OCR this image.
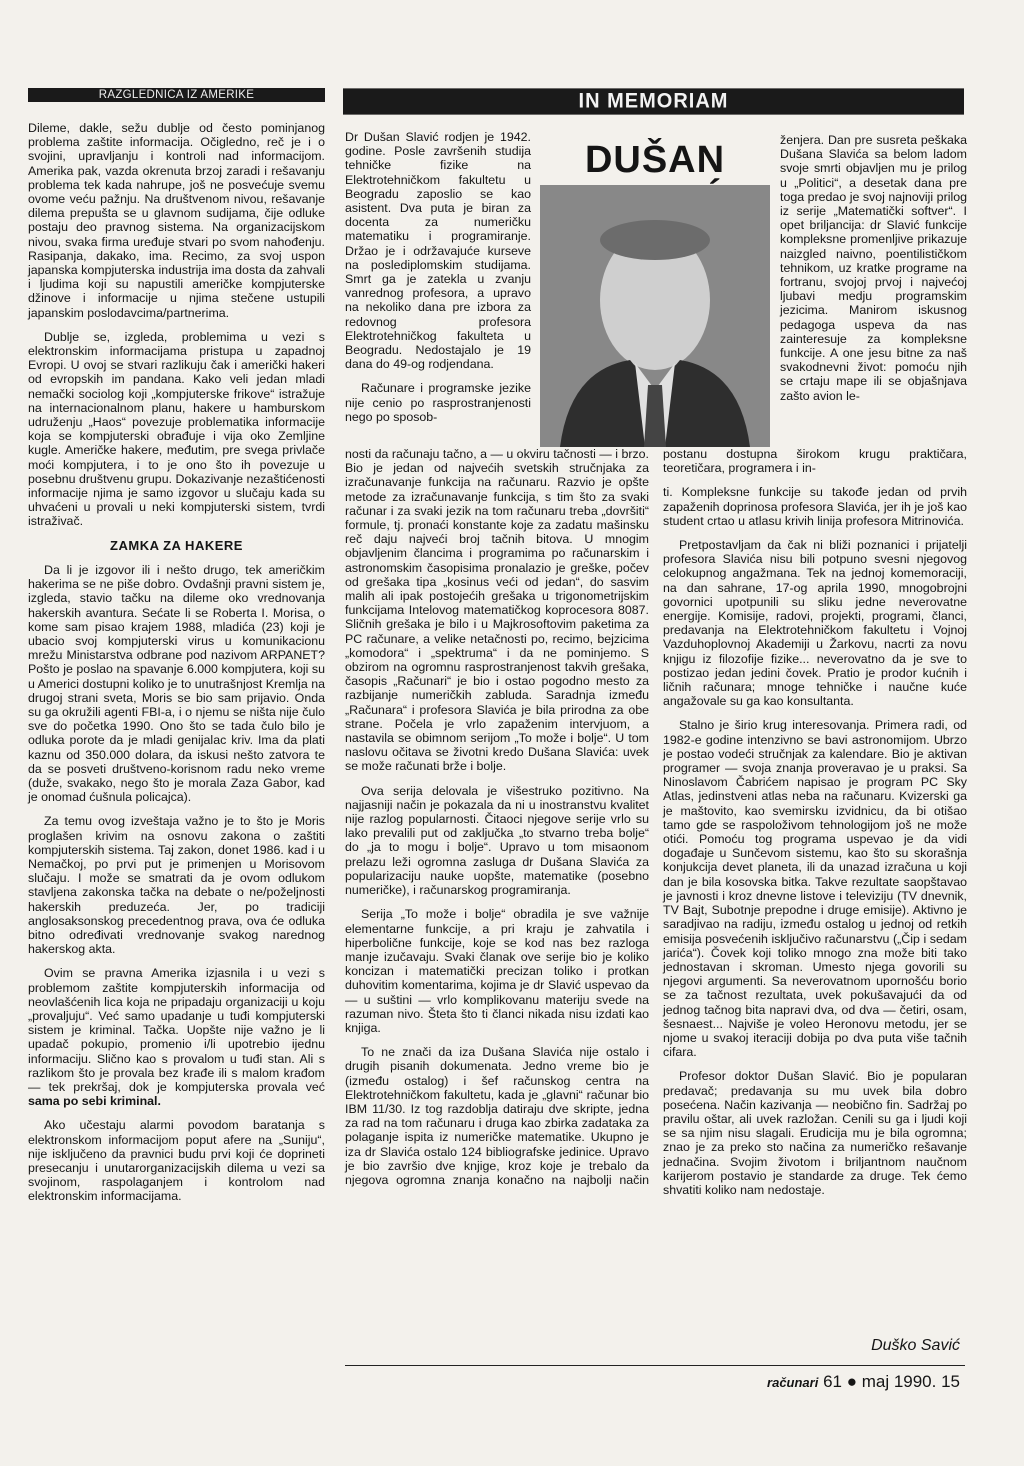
RAZGLEDNICA IZ AMERIKE	IN MEMORIAM

Dileme, dakle, sežu dublje od često pominjanog problema zaštite informacija. Očigledno, reč je i o svojini, upravljanju i kontroli nad informacijom. Amerika pak, vazda okrenuta brzoj zaradi i rešavanju problema tek kada nahrupe, još ne posvećuje svemu ovome veću pažnju. Na društvenom nivou, rešavanje dilema prepušta se u glavnom sudijama, čije odluke postaju deo pravnog sistema. Na organizacijskom nivou, svaka firma uređuje stvari po svom nahođenju. Rasipanja, dakako, ima. Recimo, za svoj uspon japanska kompjuterska industrija ima dosta da zahvali i ljudima koji su napustili američke kompjuterske džinove i informacije u njima stečene ustupili japanskim poslodavcima/partnerima.

Dublje se, izgleda, problemima u vezi s elektronskim informacijama pristupa u zapadnoj Evropi. U ovoj se stvari razlikuju čak i američki hakeri od evropskih im pandana. Kako veli jedan mladi nemački sociolog koji „kompjuterske frikove“ istražuje na internacionalnom planu, hakere u hamburskom udruženju „Haos“ povezuje problematika informacije koja se kompjuterski obrađuje i vija oko Zemljine kugle. Američke hakere, međutim, pre svega privlače moći kompjutera, i to je ono što ih povezuje u posebnu društvenu grupu. Dokazivanje nezaštićenosti informacije njima je samo izgovor u slučaju kada su uhvaćeni u provali u neki kompjuterski sistem, tvrdi istraživač.

ZAMKA ZA HAKERE

Da li je izgovor ili i nešto drugo, tek američkim hakerima se ne piše dobro. Ovdašnji pravni sistem je, izgleda, stavio tačku na dileme oko vrednovanja hakerskih avantura. Sećate li se Roberta I. Morisa, o kome sam pisao krajem 1988, mladića (23) koji je ubacio svoj kompjuterski virus u komunikacionu mrežu Ministarstva odbrane pod nazivom ARPANET? Pošto je poslao na spavanje 6.000 kompjutera, koji su u Americi dostupni koliko je to unutrašnjost Kremlja na drugoj strani sveta, Moris se bio sam prijavio. Onda su ga okružili agenti FBI-a, i o njemu se ništa nije čulo sve do početka 1990. Ono što se tada čulo bilo je odluka porote da je mladi genijalac kriv. Ima da plati kaznu od 350.000 dolara, da iskusi nešto zatvora te da se posveti društveno-korisnom radu neko vreme (duže, svakako, nego što je morala Zaza Gabor, kad je onomad ćušnula policajca).

Za temu ovog izveštaja važno je to što je Moris proglašen krivim na osnovu zakona o zaštiti kompjuterskih sistema. Taj zakon, donet 1986. kad i u Nemačkoj, po prvi put je primenjen u Morisovom slučaju. I može se smatrati da je ovom odlukom stavljena zakonska tačka na debate o ne/poželjnosti hakerskih preduzeća. Jer, po tradiciji anglosaksonskog precedentnog prava, ova će odluka bitno određivati vrednovanje svakog narednog hakerskog akta.

Ovim se pravna Amerika izjasnila i u vezi s problemom zaštite kompjuterskih informacija od neovlašćenih lica koja ne pripadaju organizaciji u koju „provaljuju“. Već samo upadanje u tuđi kompjuterski sistem je kriminal. Tačka. Uopšte nije važno je li upadač pokupio, promenio i/li upotrebio ijednu informaciju. Slično kao s provalom u tuđi stan. Ali s razlikom što je provala bez krađe ili s malom krađom — tek prekršaj, dok je kompjuterska provala već sama po sebi kriminal.

Ako učestaju alarmi povodom baratanja s elektronskom informacijom poput afere na „Suniju“, nije isključeno da pravnici budu prvi koji će doprineti presecanju i unutarorganizacijskih dilema u vezi sa svojinom, raspolaganjem i kontrolom nad elektronskim informacijama.

DUŠAN

Dr Dušan Slavić rodjen je 1942. godine. Posle završenih studija tehničke fizike na Elektrotehničkom fakultetu u Beogradu zaposlio se kao asistent. Dva puta je biran za docenta za numeričku matematiku i programiranje. Držao je i održavajuće kurseve na poslediplomskim studijama. Smrt ga je zatekla u zvanju vanrednog profesora, a upravo na nekoliko dana pre izbora za redovnog profesora Elektrotehničkog fakulteta u Beogradu. Nedostajalo je 19 dana do 49-og rodjendana.

Računare i programske jezike nije cenio po rasprostranjenosti nego po sposob-

ženjera. Dan pre susreta peškaka Dušana Slavića sa belom ladom svoje smrti objavljen mu je prilog u „Politici“, a desetak dana pre toga predao je svoj najnoviji prilog iz serije „Matematički softver“. I opet briljancija: dr Slavić funkcije kompleksne promenljive prikazuje naizgled naivno, poentilističkom tehnikom, uz kratke programe na fortranu, svojoj prvoj i najvećoj ljubavi medju programskim jezicima. Manirom iskusnog pedagoga uspeva da nas zainteresuje za kompleksne funkcije. A one jesu bitne za naš svakodnevni život: pomoću njih se crtaju mape ili se objašnjava zašto avion le-

nosti da računaju tačno, a — u okviru tačnosti — i brzo. Bio je jedan od najvećih svetskih stručnjaka za izračunavanje funkcija na računaru. Razvio je opšte metode za izračunavanje funkcija, s tim što za svaki računar i za svaki jezik na tom računaru treba „dovršiti“ formule, tj. pronaći konstante koje za zadatu mašinsku reč daju najveći broj tačnih bitova. U mnogim objavljenim člancima i programima po računarskim i astronomskim časopisima pronalazio je greške, počev od grešaka tipa „kosinus veći od jedan“, do sasvim malih ali ipak postojećih grešaka u trigonometrijskim funkcijama Intelovog matematičkog koprocesora 8087. Sličnih grešaka je bilo i u Majkrosoftovim paketima za PC računare, a velike netačnosti po, recimo, bejzicima „komodora“ i „spektruma“ i da ne pominjemo. S obzirom na ogromnu rasprostranjenost takvih grešaka, časopis „Računari“ je bio i ostao pogodno mesto za razbijanje numeričkih zabluda. Saradnja između „Računara“ i profesora Slavića je bila prirodna za obe strane. Počela je vrlo zapaženim intervjuom, a nastavila se obimnom serijom „To može i bolje“. U tom naslovu očitava se životni kredo Dušana Slavića: uvek se može računati brže i bolje.

Ova serija delovala je višestruko pozitivno. Na najjasniji način je pokazala da ni u inostranstvu kvalitet nije razlog popularnosti. Čitaoci njegove serije vrlo su lako prevalili put od zaključka „to stvarno treba bolje“ do „ja to mogu i bolje“. Upravo u tom misaonom prelazu leži ogromna zasluga dr Dušana Slavića za popularizaciju nauke uopšte, matematike (posebno numeričke), i računarskog programiranja.

Serija „To može i bolje“ obradila je sve važnije elementarne funkcije, a pri kraju je zahvatila i hiperbolične funkcije, koje se kod nas bez razloga manje izučavaju. Svaki članak ove serije bio je koliko koncizan i matematički precizan toliko i protkan duhovitim komentarima, kojima je dr Slavić uspevao da — u suštini — vrlo komplikovanu materiju svede na razuman nivo. Šteta što ti članci nikada nisu izdati kao knjiga.

To ne znači da iza Dušana Slavića nije ostalo i drugih pisanih dokumenata. Jedno vreme bio je (između ostalog) i šef računskog centra na Elektrotehničkom fakultetu, kada je „glavni“ računar bio IBM 11/30. Iz tog razdoblja datiraju dve skripte, jedna za rad na tom računaru i druga kao zbirka zadataka za polaganje ispita iz numeričke matematike. Ukupno je iza dr Slavića ostalo 124 bibliografske jedinice. Upravo je bio završio dve knjige, kroz koje je trebalo da njegova ogromna znanja konačno na najbolji način postanu dostupna širokom krugu praktičara, teoretičara, programera i in-

ti. Kompleksne funkcije su takođe jedan od prvih zapaženih doprinosa profesora Slavića, jer ih je još kao student crtao u atlasu krivih linija profesora Mitrinovića.

Pretpostavljam da čak ni bliži poznanici i prijatelji profesora Slavića nisu bili potpuno svesni njegovog celokupnog angažmana. Tek na jednoj komemoraciji, na dan sahrane, 17-og aprila 1990, mnogobrojni govornici upotpunili su sliku jedne neverovatne energije. Komisije, radovi, projekti, programi, članci, predavanja na Elektrotehničkom fakultetu i Vojnoj Vazduhoplovnoj Akademiji u Žarkovu, nacrti za novu knjigu iz filozofije fizike... neverovatno da je sve to postizao jedan jedini čovek. Pratio je prodor kućnih i ličnih računara; mnoge tehničke i naučne kuće angažovale su ga kao konsultanta.

Stalno je širio krug interesovanja. Primera radi, od 1982-e godine intenzivno se bavi astronomijom. Ubrzo je postao vodeći stručnjak za kalendare. Bio je aktivan programer — svoja znanja proveravao je u praksi. Sa Ninoslavom Čabrićem napisao je program PC Sky Atlas, jedinstveni atlas neba na računaru. Kvizerski ga je maštovito, kao svemirsku izvidnicu, da bi otišao tamo gde se raspoloživom tehnologijom još ne može otići. Pomoću tog programa uspevao je da vidi događaje u Sunčevom sistemu, kao što su skorašnja konjukcija devet planeta, ili da unazad izračuna u koji dan je bila kosovska bitka. Takve rezultate saopštavao je javnosti i kroz dnevne listove i televiziju (TV dnevnik, TV Bajt, Subotnje prepodne i druge emisije). Aktivno je saradjivao na radiju, između ostalog u jednoj od retkih emisija posvećenih isključivo računarstvu („Čip i sedam jarića“). Čovek koji toliko mnogo zna može biti tako jednostavan i skroman. Umesto njega govorili su njegovi argumenti. Sa neverovatnom upornošću borio se za tačnost rezultata, uvek pokušavajući da od jednog tačnog bita napravi dva, od dva — četiri, osam, šesnaest... Najviše je voleo Heronovu metodu, jer se njome u svakoj iteraciji dobija po dva puta više tačnih cifara.

Profesor doktor Dušan Slavić. Bio je popularan predavač; predavanja su mu uvek bila dobro posećena. Način kazivanja — neobično fin. Sadržaj po pravilu oštar, ali uvek razložan. Cenili su ga i ljudi koji se sa njim nisu slagali. Erudicija mu je bila ogromna; znao je za preko sto načina za numeričko rešavanje jednačina. Svojim životom i briljantnom naučnom karijerom postavio je standarde za druge. Tek ćemo shvatiti koliko nam nedostaje.

Duško Savić
računari 61 ● maj 1990. 15
